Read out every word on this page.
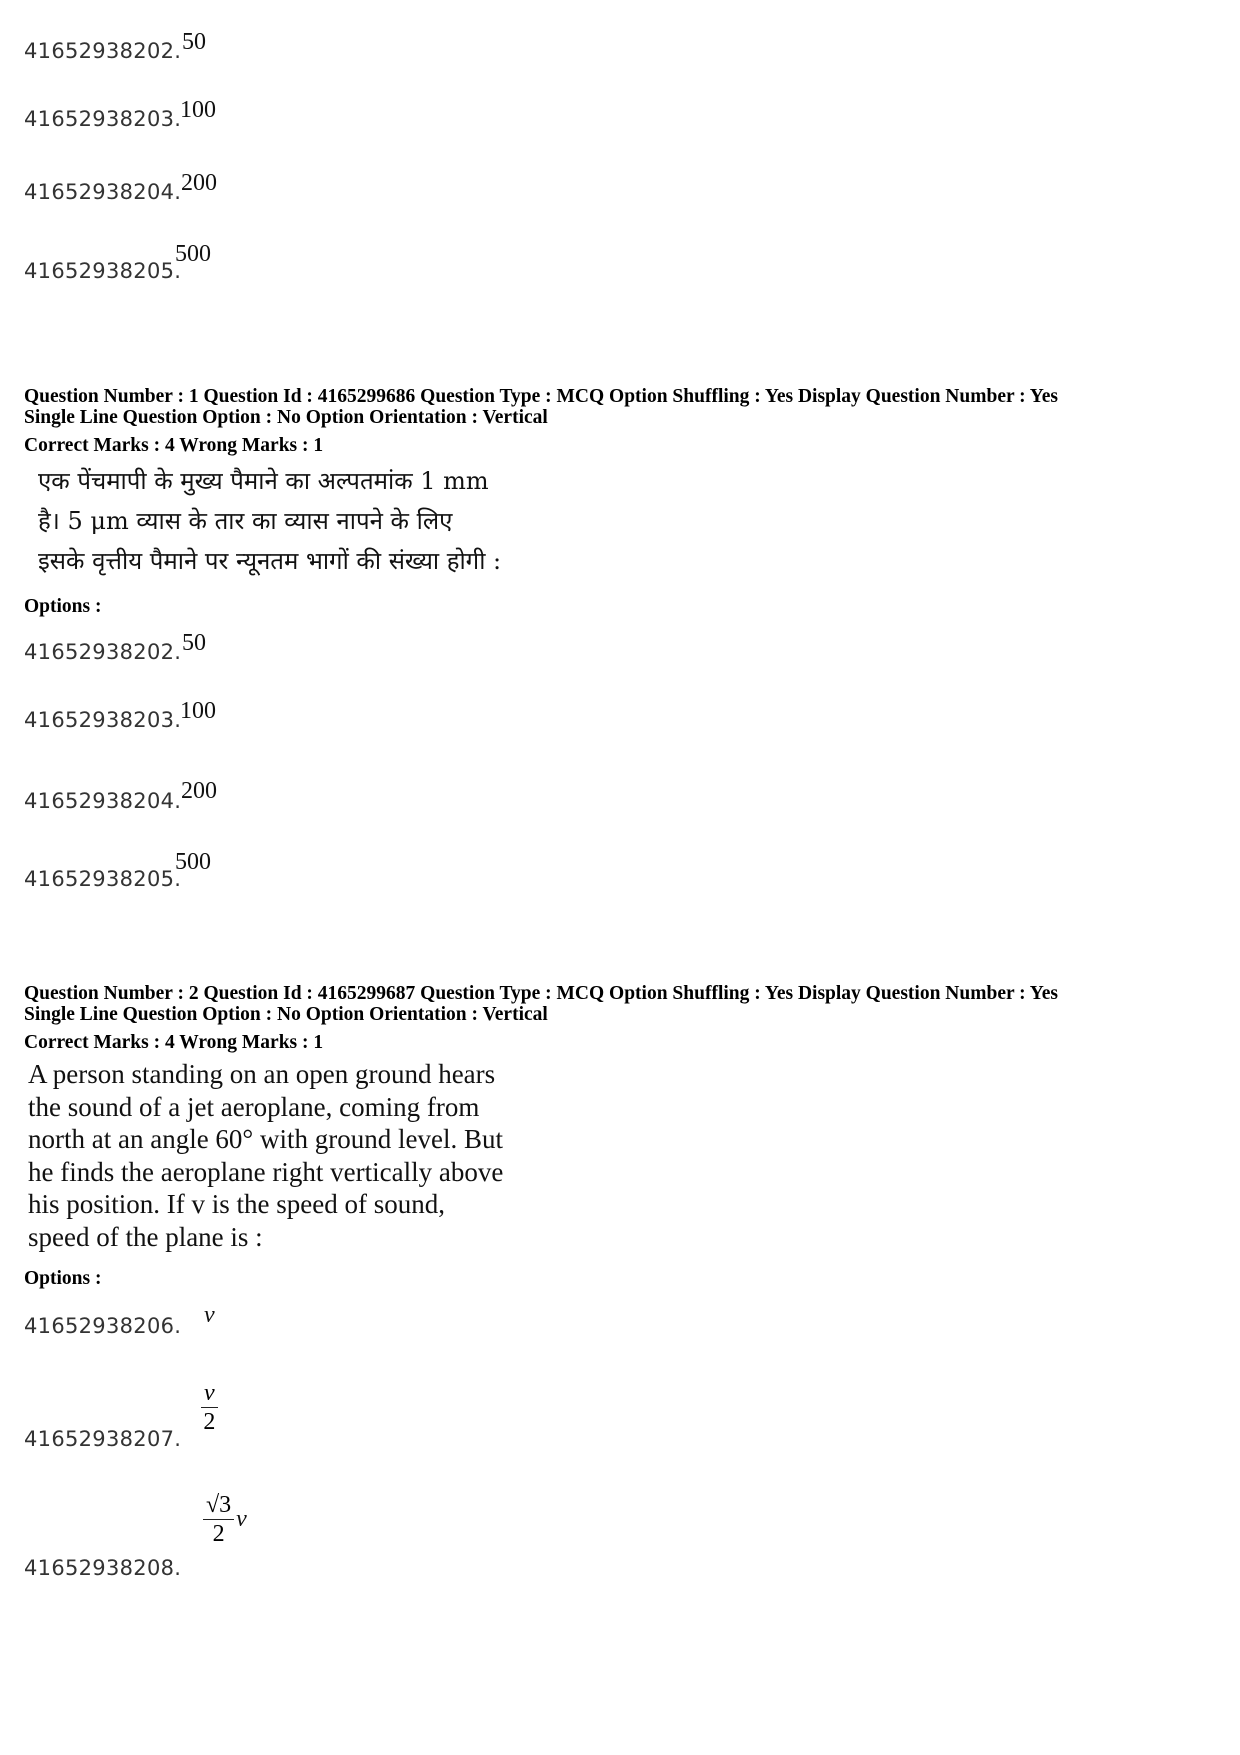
41652938202. 50
41652938203.
100
41652938204. 200
41652938205.
500
Question Number : 1 Question Id : 4165299686 Question Type : MCQ Option Shuffling : Yes Display Question Number : Yes
Single Line Question Option : No Option Orientation : Vertical
Correct Marks : 4 Wrong Marks : 1
एक पेंचमापी के मुख्य पैमाने का अल्पतमांक 1 mm
है। 5 μm व्यास के तार का व्यास नापने के लिए
इसके वृत्तीय पैमाने पर न्यूनतम भागों की संख्या होगी :
Options :
41652938202. 50
41652938203.
100
41652938204. 200
41652938205.
500
Question Number : 2 Question Id : 4165299687 Question Type : MCQ Option Shuffling : Yes Display Question Number : Yes
Single Line Question Option : No Option Orientation : Vertical
Correct Marks : 4 Wrong Marks : 1
A person standing on an open ground hears
the sound of a jet aeroplane, coming from
north at an angle 60° with ground level. But
he finds the aeroplane right vertically above
his position. If v is the speed of sound,
speed of the plane is :
Options :
41652938206. v
41652938207.
$\frac{v}{2}$
41652938208.
$\frac{√3}{2}$ v
